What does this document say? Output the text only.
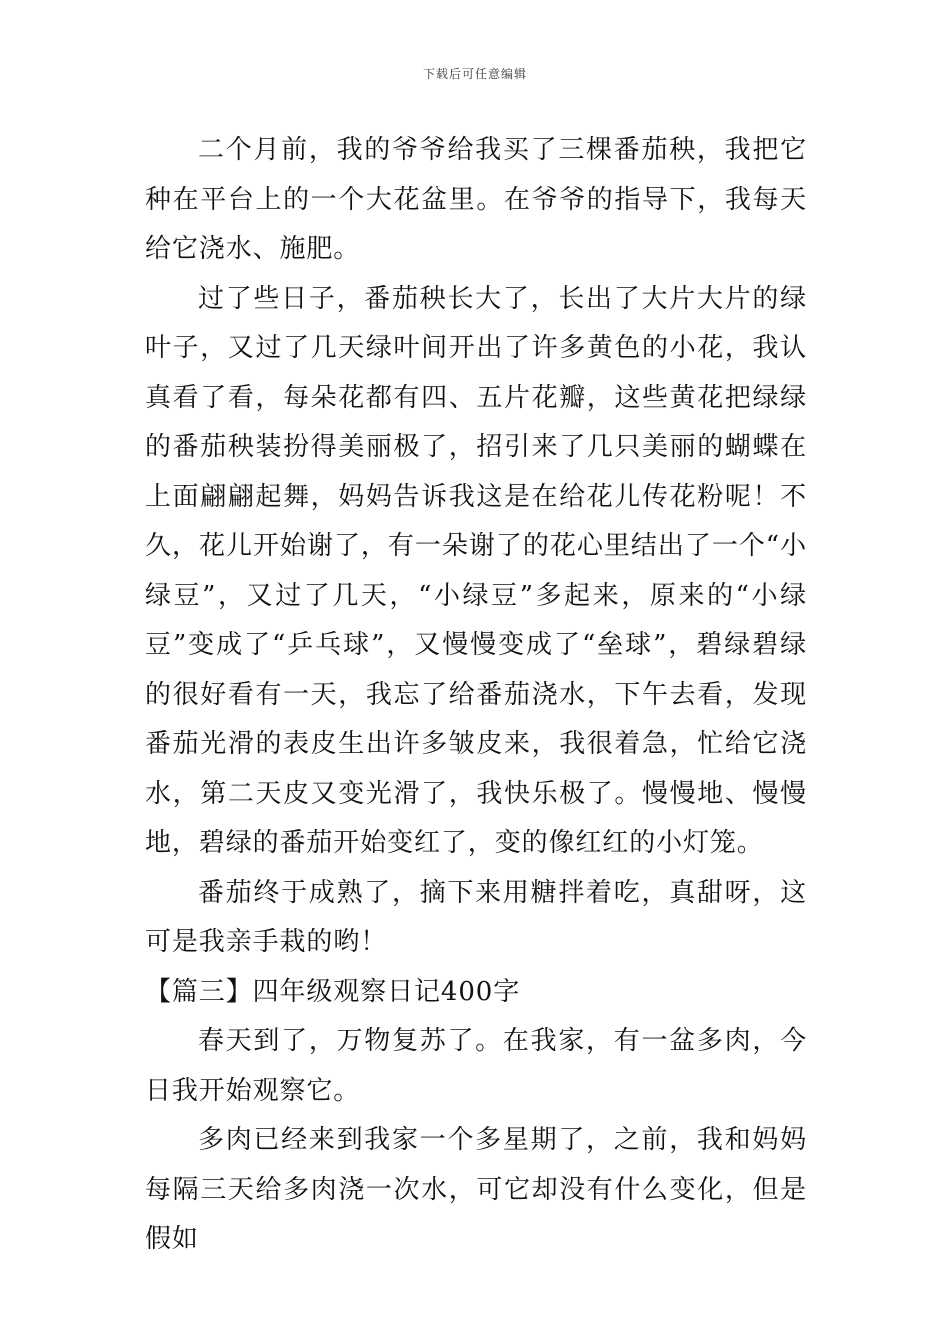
下载后可任意编辑

二个月前，我的爷爷给我买了三棵番茄秧，我把它种在平台上的一个大花盆里。在爷爷的指导下，我每天给它浇水、施肥。

过了些日子，番茄秧长大了，长出了大片大片的绿叶子，又过了几天绿叶间开出了许多黄色的小花，我认真看了看，每朵花都有四、五片花瓣，这些黄花把绿绿的番茄秧装扮得美丽极了，招引来了几只美丽的蝴蝶在上面翩翩起舞，妈妈告诉我这是在给花儿传花粉呢！不久，花儿开始谢了，有一朵谢了的花心里结出了一个“小绿豆”，又过了几天，“小绿豆”多起来，原来的“小绿豆”变成了“乒乓球”，又慢慢变成了“垒球”，碧绿碧绿的很好看有一天，我忘了给番茄浇水，下午去看，发现番茄光滑的表皮生出许多皱皮来，我很着急，忙给它浇水，第二天皮又变光滑了，我快乐极了。慢慢地、慢慢地，碧绿的番茄开始变红了，变的像红红的小灯笼。

番茄终于成熟了，摘下来用糖拌着吃，真甜呀，这可是我亲手栽的哟！

【篇三】四年级观察日记400字

春天到了，万物复苏了。在我家，有一盆多肉，今日我开始观察它。

多肉已经来到我家一个多星期了，之前，我和妈妈每隔三天给多肉浇一次水，可它却没有什么变化，但是假如
